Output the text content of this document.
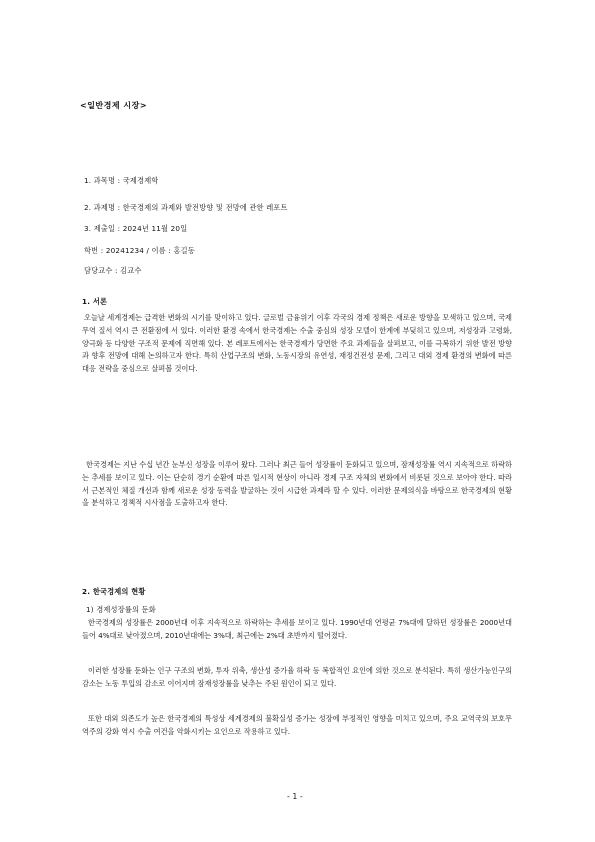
<일반경제 시장>
1. 과목명 : 국제경제학
2. 과제명 : 한국경제의 과제와 발전방향 및 전망에 관한 레포트
3. 제출일 : 2024년 11월 20일
학번 : 20241234 / 이름 : 홍길동
담당교수 : 김교수
1. 서론
오늘날 세계경제는 급격한 변화의 시기를 맞이하고 있다. 글로벌 금융위기 이후 각국의 경제 정책은 새로운 방향을 모색하고 있으며, 국제 무역 질서 역시 큰 전환점에 서 있다. 이러한 환경 속에서 한국경제는 수출 중심의 성장 모델이 한계에 부딪히고 있으며, 저성장과 고령화, 양극화 등 다양한 구조적 문제에 직면해 있다. 본 레포트에서는 한국경제가 당면한 주요 과제들을 살펴보고, 이를 극복하기 위한 발전 방향과 향후 전망에 대해 논의하고자 한다. 특히 산업구조의 변화, 노동시장의 유연성, 재정건전성 문제, 그리고 대외 경제 환경의 변화에 따른 대응 전략을 중심으로 살펴볼 것이다.
한국경제는 지난 수십 년간 눈부신 성장을 이루어 왔다. 그러나 최근 들어 성장률이 둔화되고 있으며, 잠재성장률 역시 지속적으로 하락하는 추세를 보이고 있다. 이는 단순히 경기 순환에 따른 일시적 현상이 아니라 경제 구조 자체의 변화에서 비롯된 것으로 보아야 한다. 따라서 근본적인 체질 개선과 함께 새로운 성장 동력을 발굴하는 것이 시급한 과제라 할 수 있다. 이러한 문제의식을 바탕으로 한국경제의 현황을 분석하고 정책적 시사점을 도출하고자 한다.
2. 한국경제의 현황
1) 경제성장률의 둔화
한국경제의 성장률은 2000년대 이후 지속적으로 하락하는 추세를 보이고 있다. 1990년대 연평균 7%대에 달하던 성장률은 2000년대 들어 4%대로 낮아졌으며, 2010년대에는 3%대, 최근에는 2%대 초반까지 떨어졌다.
이러한 성장률 둔화는 인구 구조의 변화, 투자 위축, 생산성 증가율 하락 등 복합적인 요인에 의한 것으로 분석된다. 특히 생산가능인구의 감소는 노동 투입의 감소로 이어지며 잠재성장률을 낮추는 주된 원인이 되고 있다.
또한 대외 의존도가 높은 한국경제의 특성상 세계경제의 불확실성 증가는 성장에 부정적인 영향을 미치고 있으며, 주요 교역국의 보호무역주의 강화 역시 수출 여건을 악화시키는 요인으로 작용하고 있다.
- 1 -
